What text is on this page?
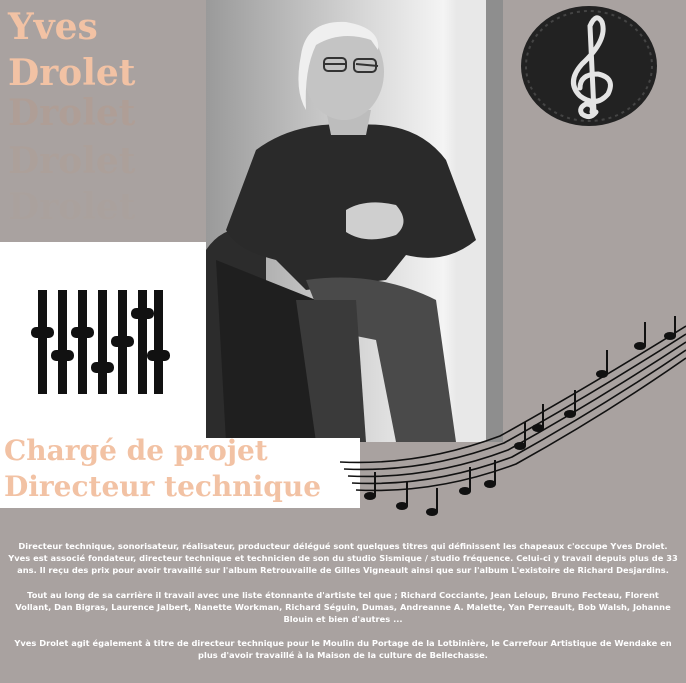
Yves
Drolet
Drolet
Drolet
Drolet
Chargé de projet
Directeur technique

Directeur technique, sonorisateur, réalisateur, producteur délégué sont quelques titres qui définissent les chapeaux c'occupe Yves Drolet. Yves est associé fondateur, directeur technique et technicien de son du studio Sismique / studio fréquence. Celui-ci y travail depuis plus de 33 ans. Il reçu des prix pour avoir travaillé sur l'album Retrouvaille de Gilles Vigneault ainsi que sur l'album L'existoire de Richard Desjardins.

Tout au long de sa carrière il travail avec une liste étonnante d'artiste tel que ; Richard Cocciante, Jean Leloup, Bruno Fecteau, Florent Vollant, Dan Bigras, Laurence Jalbert, Nanette Workman, Richard Séguin, Dumas, Andreanne A. Malette, Yan Perreault, Bob Walsh, Johanne Blouin et bien d'autres ...

Yves Drolet agit également à titre de directeur technique pour le Moulin du Portage de la Lotbinière, le Carrefour Artistique de Wendake en plus d'avoir travaillé à la Maison de la culture de Bellechasse.
